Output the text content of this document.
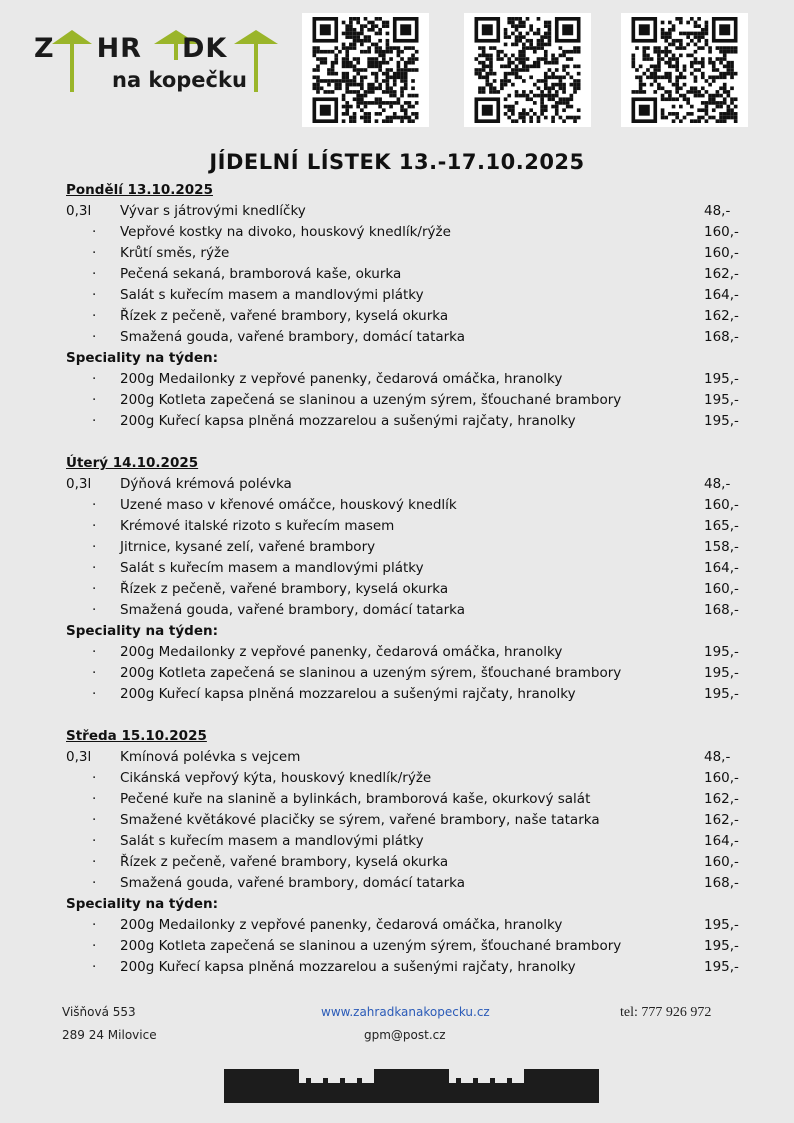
Z HR DK
na kopečku
JÍDELNÍ LÍSTEK 13.-17.10.2025
Pondělí 13.10.2025
0,3l Vývar s játrovými knedlíčky	48,-
· Vepřové kostky na divoko, houskový knedlík/rýže	160,-
· Krůtí směs, rýže	160,-
· Pečená sekaná, bramborová kaše, okurka	162,-
· Salát s kuřecím masem a mandlovými plátky	164,-
· Řízek z pečeně, vařené brambory, kyselá okurka	162,-
· Smažená gouda, vařené brambory, domácí tatarka	168,-
Speciality na týden:
· 200g Medailonky z vepřové panenky, čedarová omáčka, hranolky	195,-
· 200g Kotleta zapečená se slaninou a uzeným sýrem, šťouchané brambory	195,-
· 200g Kuřecí kapsa plněná mozzarelou a sušenými rajčaty, hranolky	195,-
Úterý 14.10.2025
0,3l Dýňová krémová polévka	48,-
· Uzené maso v křenové omáčce, houskový knedlík	160,-
· Krémové italské rizoto s kuřecím masem	165,-
· Jitrnice, kysané zelí, vařené brambory	158,-
· Salát s kuřecím masem a mandlovými plátky	164,-
· Řízek z pečeně, vařené brambory, kyselá okurka	160,-
· Smažená gouda, vařené brambory, domácí tatarka	168,-
Speciality na týden:
· 200g Medailonky z vepřové panenky, čedarová omáčka, hranolky	195,-
· 200g Kotleta zapečená se slaninou a uzeným sýrem, šťouchané brambory	195,-
· 200g Kuřecí kapsa plněná mozzarelou a sušenými rajčaty, hranolky	195,-
Středa 15.10.2025
0,3l Kmínová polévka s vejcem	48,-
· Cikánská vepřový kýta, houskový knedlík/rýže	160,-
· Pečené kuře na slanině a bylinkách, bramborová kaše, okurkový salát	162,-
· Smažené květákové placičky se sýrem, vařené brambory, naše tatarka	162,-
· Salát s kuřecím masem a mandlovými plátky	164,-
· Řízek z pečeně, vařené brambory, kyselá okurka	160,-
· Smažená gouda, vařené brambory, domácí tatarka	168,-
Speciality na týden:
· 200g Medailonky z vepřové panenky, čedarová omáčka, hranolky	195,-
· 200g Kotleta zapečená se slaninou a uzeným sýrem, šťouchané brambory	195,-
· 200g Kuřecí kapsa plněná mozzarelou a sušenými rajčaty, hranolky	195,-
Višňová 553
289 24 Milovice
www.zahradkanakopecku.cz
gpm@post.cz
tel: 777 926 972
